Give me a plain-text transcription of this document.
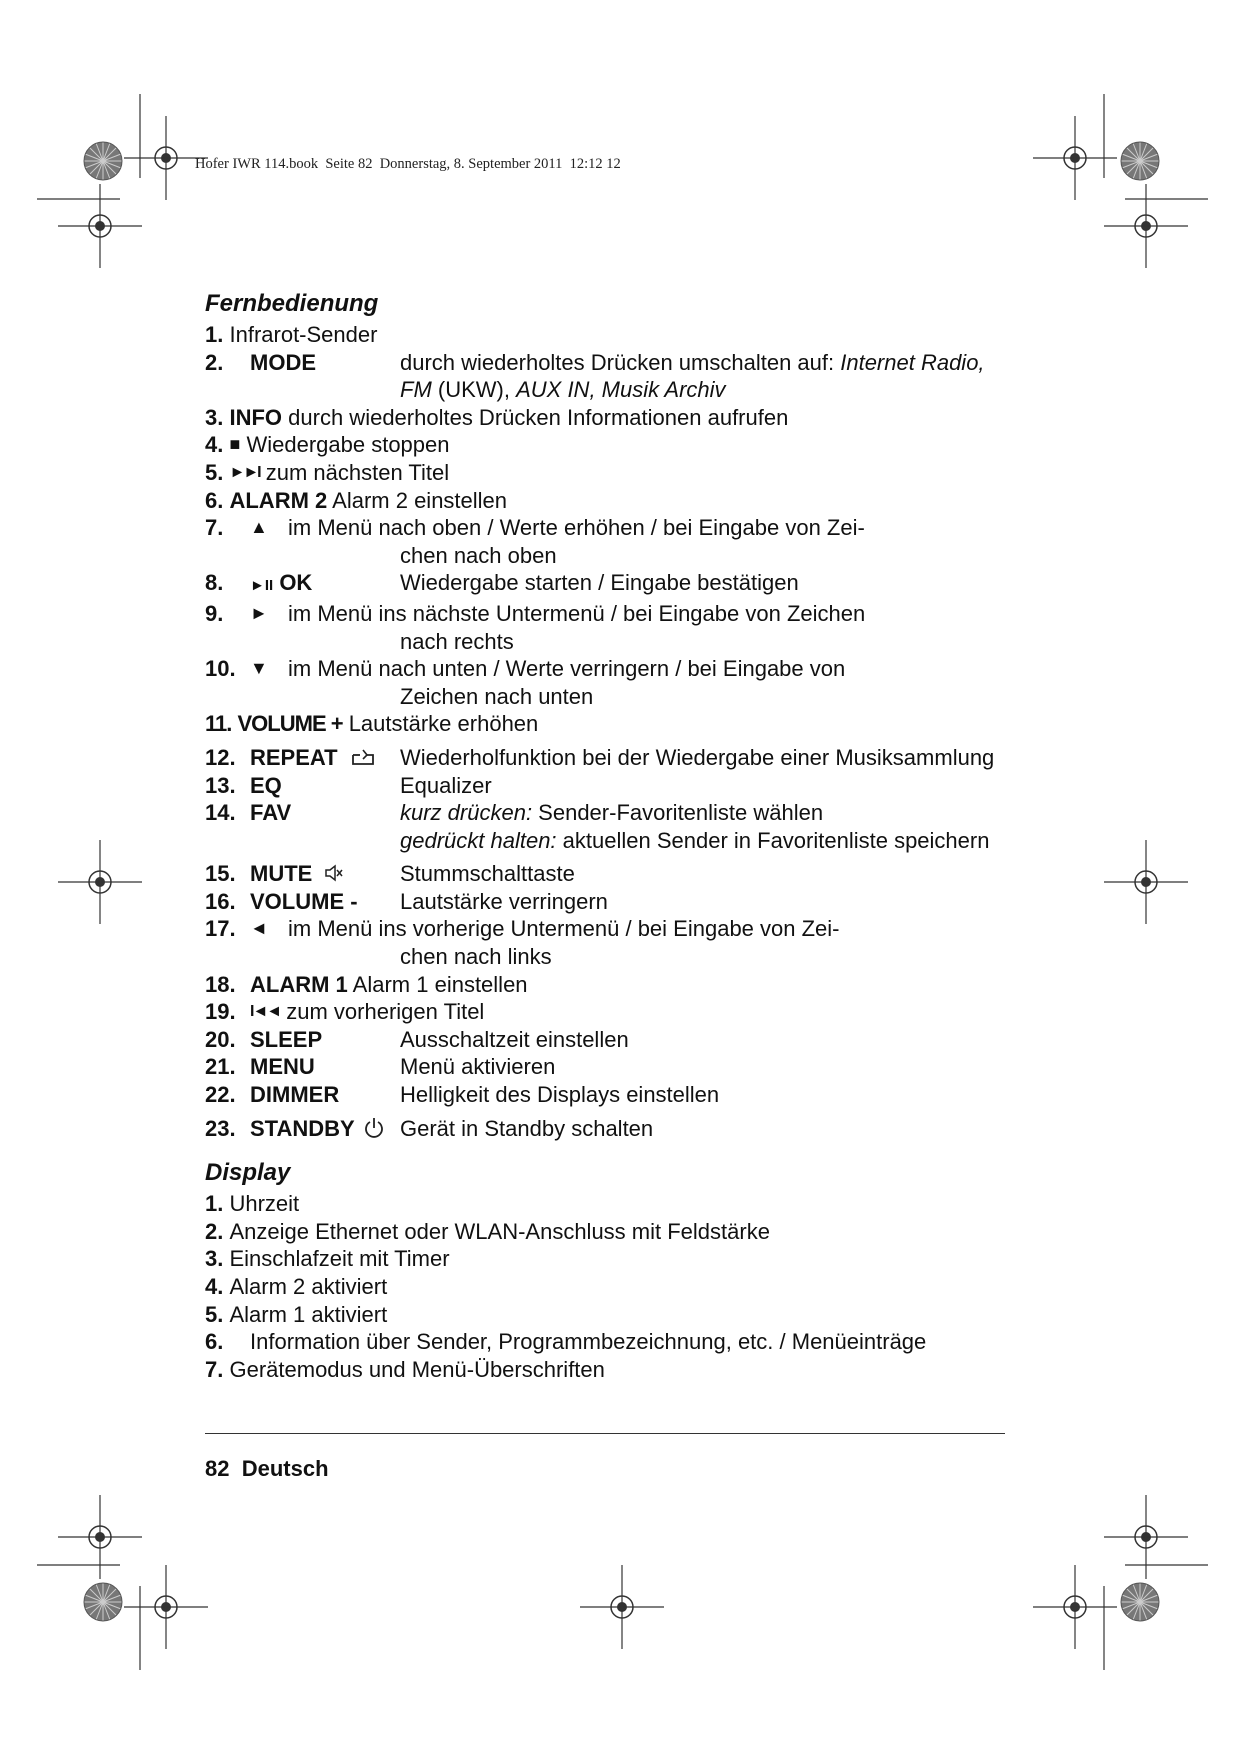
Hofer IWR 114.book  Seite 82  Donnerstag, 8. September 2011  12:12 12
Fernbedienung
1.
Infrarot-Sender
2.	MODE	durch wiederholtes Drücken umschalten auf: Internet Radio,
FM (UKW), AUX IN, Musik Archiv
3.
INFO durch wiederholtes Drücken Informationen aufrufen
4.
■ Wiedergabe stoppen
5.
►►I zum nächsten Titel
6.
ALARM 2 Alarm 2 einstellen
7.	▲ im Menü nach oben / Werte erhöhen / bei Eingabe von Zei-
chen nach oben
8.	►II OK	Wiedergabe starten / Eingabe bestätigen
9.	► im Menü ins nächste Untermenü / bei Eingabe von Zeichen
nach rechts
10. ▼ im Menü nach unten / Werte verringern / bei Eingabe von
Zeichen nach unten
11.
VOLUME + Lautstärke erhöhen
12. REPEAT	Wiederholfunktion bei der Wiedergabe einer Musiksammlung
13. EQ	Equalizer
14. FAV	kurz drücken: Sender-Favoritenliste wählen
gedrückt halten: aktuellen Sender in Favoritenliste speichern
15. MUTE	Stummschalttaste
16. VOLUME -	Lautstärke verringern
17. ◄ im Menü ins vorherige Untermenü / bei Eingabe von Zei-
chen nach links
18. ALARM 1 Alarm 1 einstellen
19. I◄◄ zum vorherigen Titel
20. SLEEP	Ausschaltzeit einstellen
21. MENU	Menü aktivieren
22. DIMMER	Helligkeit des Displays einstellen
23. STANDBY	Gerät in Standby schalten
Display
1.
Uhrzeit
2.
Anzeige Ethernet oder WLAN-Anschluss mit Feldstärke
3.
Einschlafzeit mit Timer
4.
Alarm 2 aktiviert
5.
Alarm 1 aktiviert
6.	Information über Sender, Programmbezeichnung, etc. / Menüeinträge
7.
Gerätemodus und Menü-Überschriften
82 Deutsch
